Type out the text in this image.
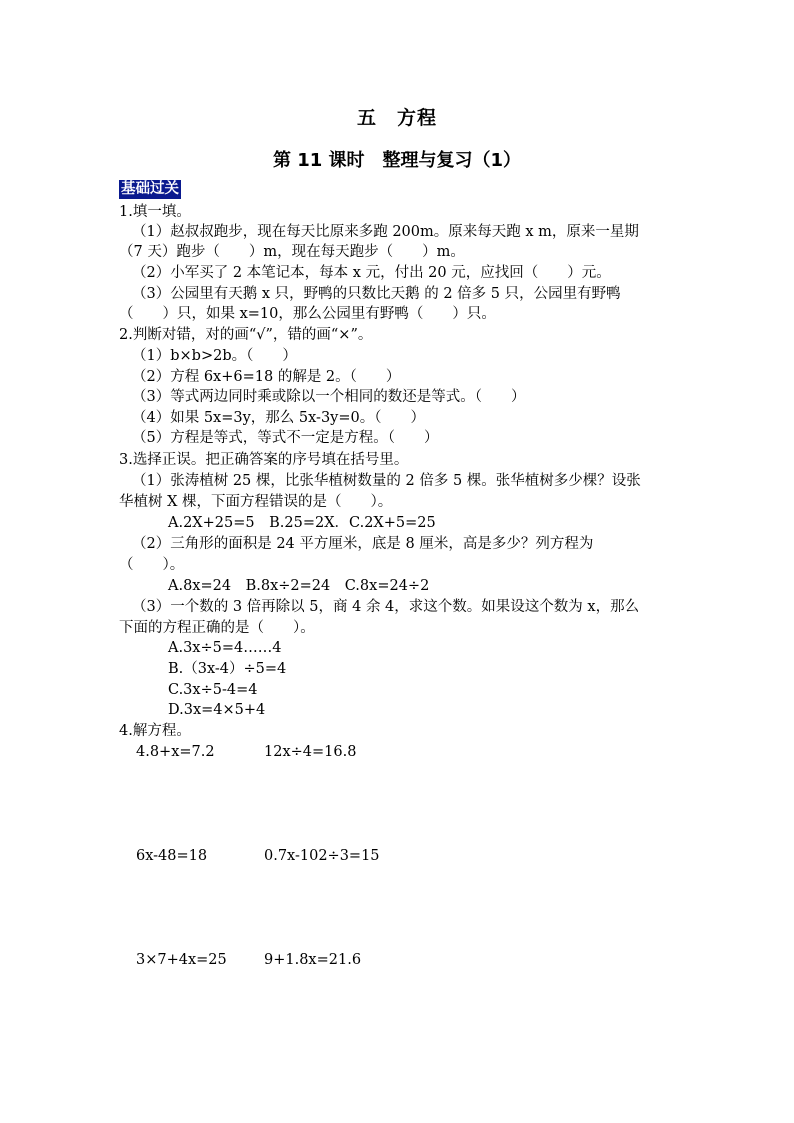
五　方程
第 11 课时　整理与复习（1）
基础过关
1.填一填。
（1）赵叔叔跑步，现在每天比原来多跑 200m。原来每天跑 x m，原来一星期
（7 天）跑步（　　）m，现在每天跑步（　　）m。
（2）小军买了 2 本笔记本，每本 x 元，付出 20 元，应找回（　　）元。
（3）公园里有天鹅 x 只，野鸭的只数比天鹅 的 2 倍多 5 只，公园里有野鸭
（　　）只，如果 x=10，那么公园里有野鸭（　　）只。
2.判断对错，对的画“√”，错的画“×”。
（1）b×b>2b。（　　）
（2）方程 6x+6=18 的解是 2。（　　）
（3）等式两边同时乘或除以一个相同的数还是等式。（　　）
（4）如果 5x=3y，那么 5x-3y=0。（　　）
（5）方程是等式，等式不一定是方程。（　　）
3.选择正误。把正确答案的序号填在括号里。
（1）张涛植树 25 棵，比张华植树数量的 2 倍多 5 棵。张华植树多少棵？设张
华植树 X 棵，下面方程错误的是（　　）。
A.2X+25=5　B.25=2X．C.2X+5=25
（2）三角形的面积是 24 平方厘米，底是 8 厘米，高是多少？列方程为
（　　）。
A.8x=24　B.8x÷2=24　C.8x=24÷2
（3）一个数的 3 倍再除以 5，商 4 余 4，求这个数。如果设这个数为 x，那么
下面的方程正确的是（　　）。
A.3x÷5=4……4
B.（3x-4）÷5=4
C.3x÷5-4=4
D.3x=4×5+4
4.解方程。
4.8+x=7.2	12x÷4=16.8
6x-48=18	0.7x-102÷3=15
3×7+4x=25	9+1.8x=21.6
